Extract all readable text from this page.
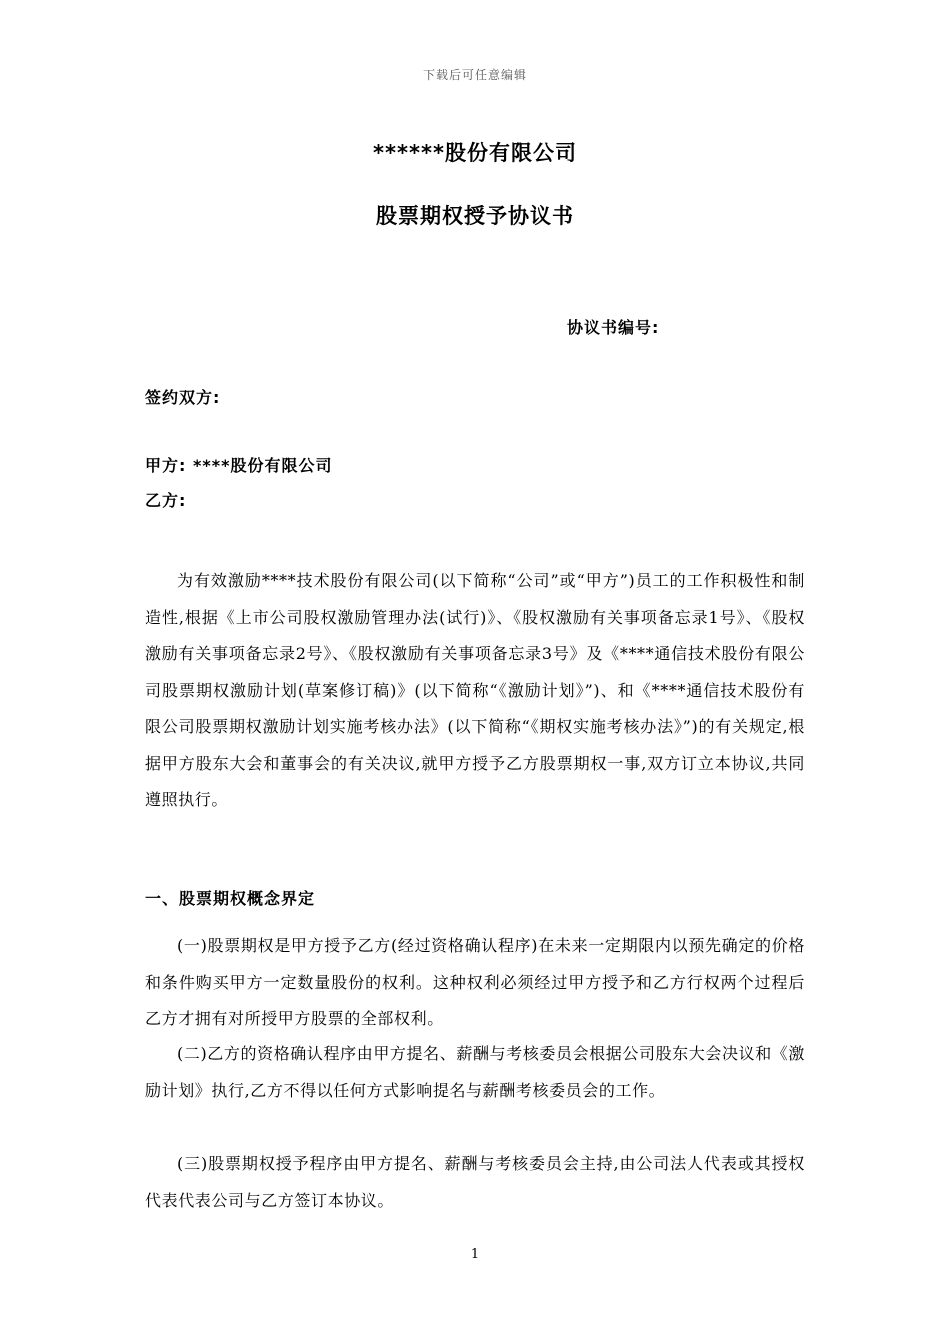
下载后可任意编辑
******股份有限公司
股票期权授予协议书
协议书编号:
签约双方:
甲方: ****股份有限公司
乙方:

为有效激励****技术股份有限公司(以下简称“公司”或“甲方”)员工的工作积极性和制造性,根据《上市公司股权激励管理办法(试行)》、《股权激励有关事项备忘录1号》、《股权激励有关事项备忘录2号》、《股权激励有关事项备忘录3号》及《****通信技术股份有限公司股票期权激励计划(草案修订稿)》(以下简称“《激励计划》”)、和《****通信技术股份有限公司股票期权激励计划实施考核办法》(以下简称“《期权实施考核办法》”)的有关规定,根据甲方股东大会和董事会的有关决议,就甲方授予乙方股票期权一事,双方订立本协议,共同遵照执行。

一、股票期权概念界定

(一)股票期权是甲方授予乙方(经过资格确认程序)在未来一定期限内以预先确定的价格和条件购买甲方一定数量股份的权利。这种权利必须经过甲方授予和乙方行权两个过程后乙方才拥有对所授甲方股票的全部权利。

(二)乙方的资格确认程序由甲方提名、薪酬与考核委员会根据公司股东大会决议和《激励计划》执行,乙方不得以任何方式影响提名与薪酬考核委员会的工作。

(三)股票期权授予程序由甲方提名、薪酬与考核委员会主持,由公司法人代表或其授权代表代表公司与乙方签订本协议。

1
